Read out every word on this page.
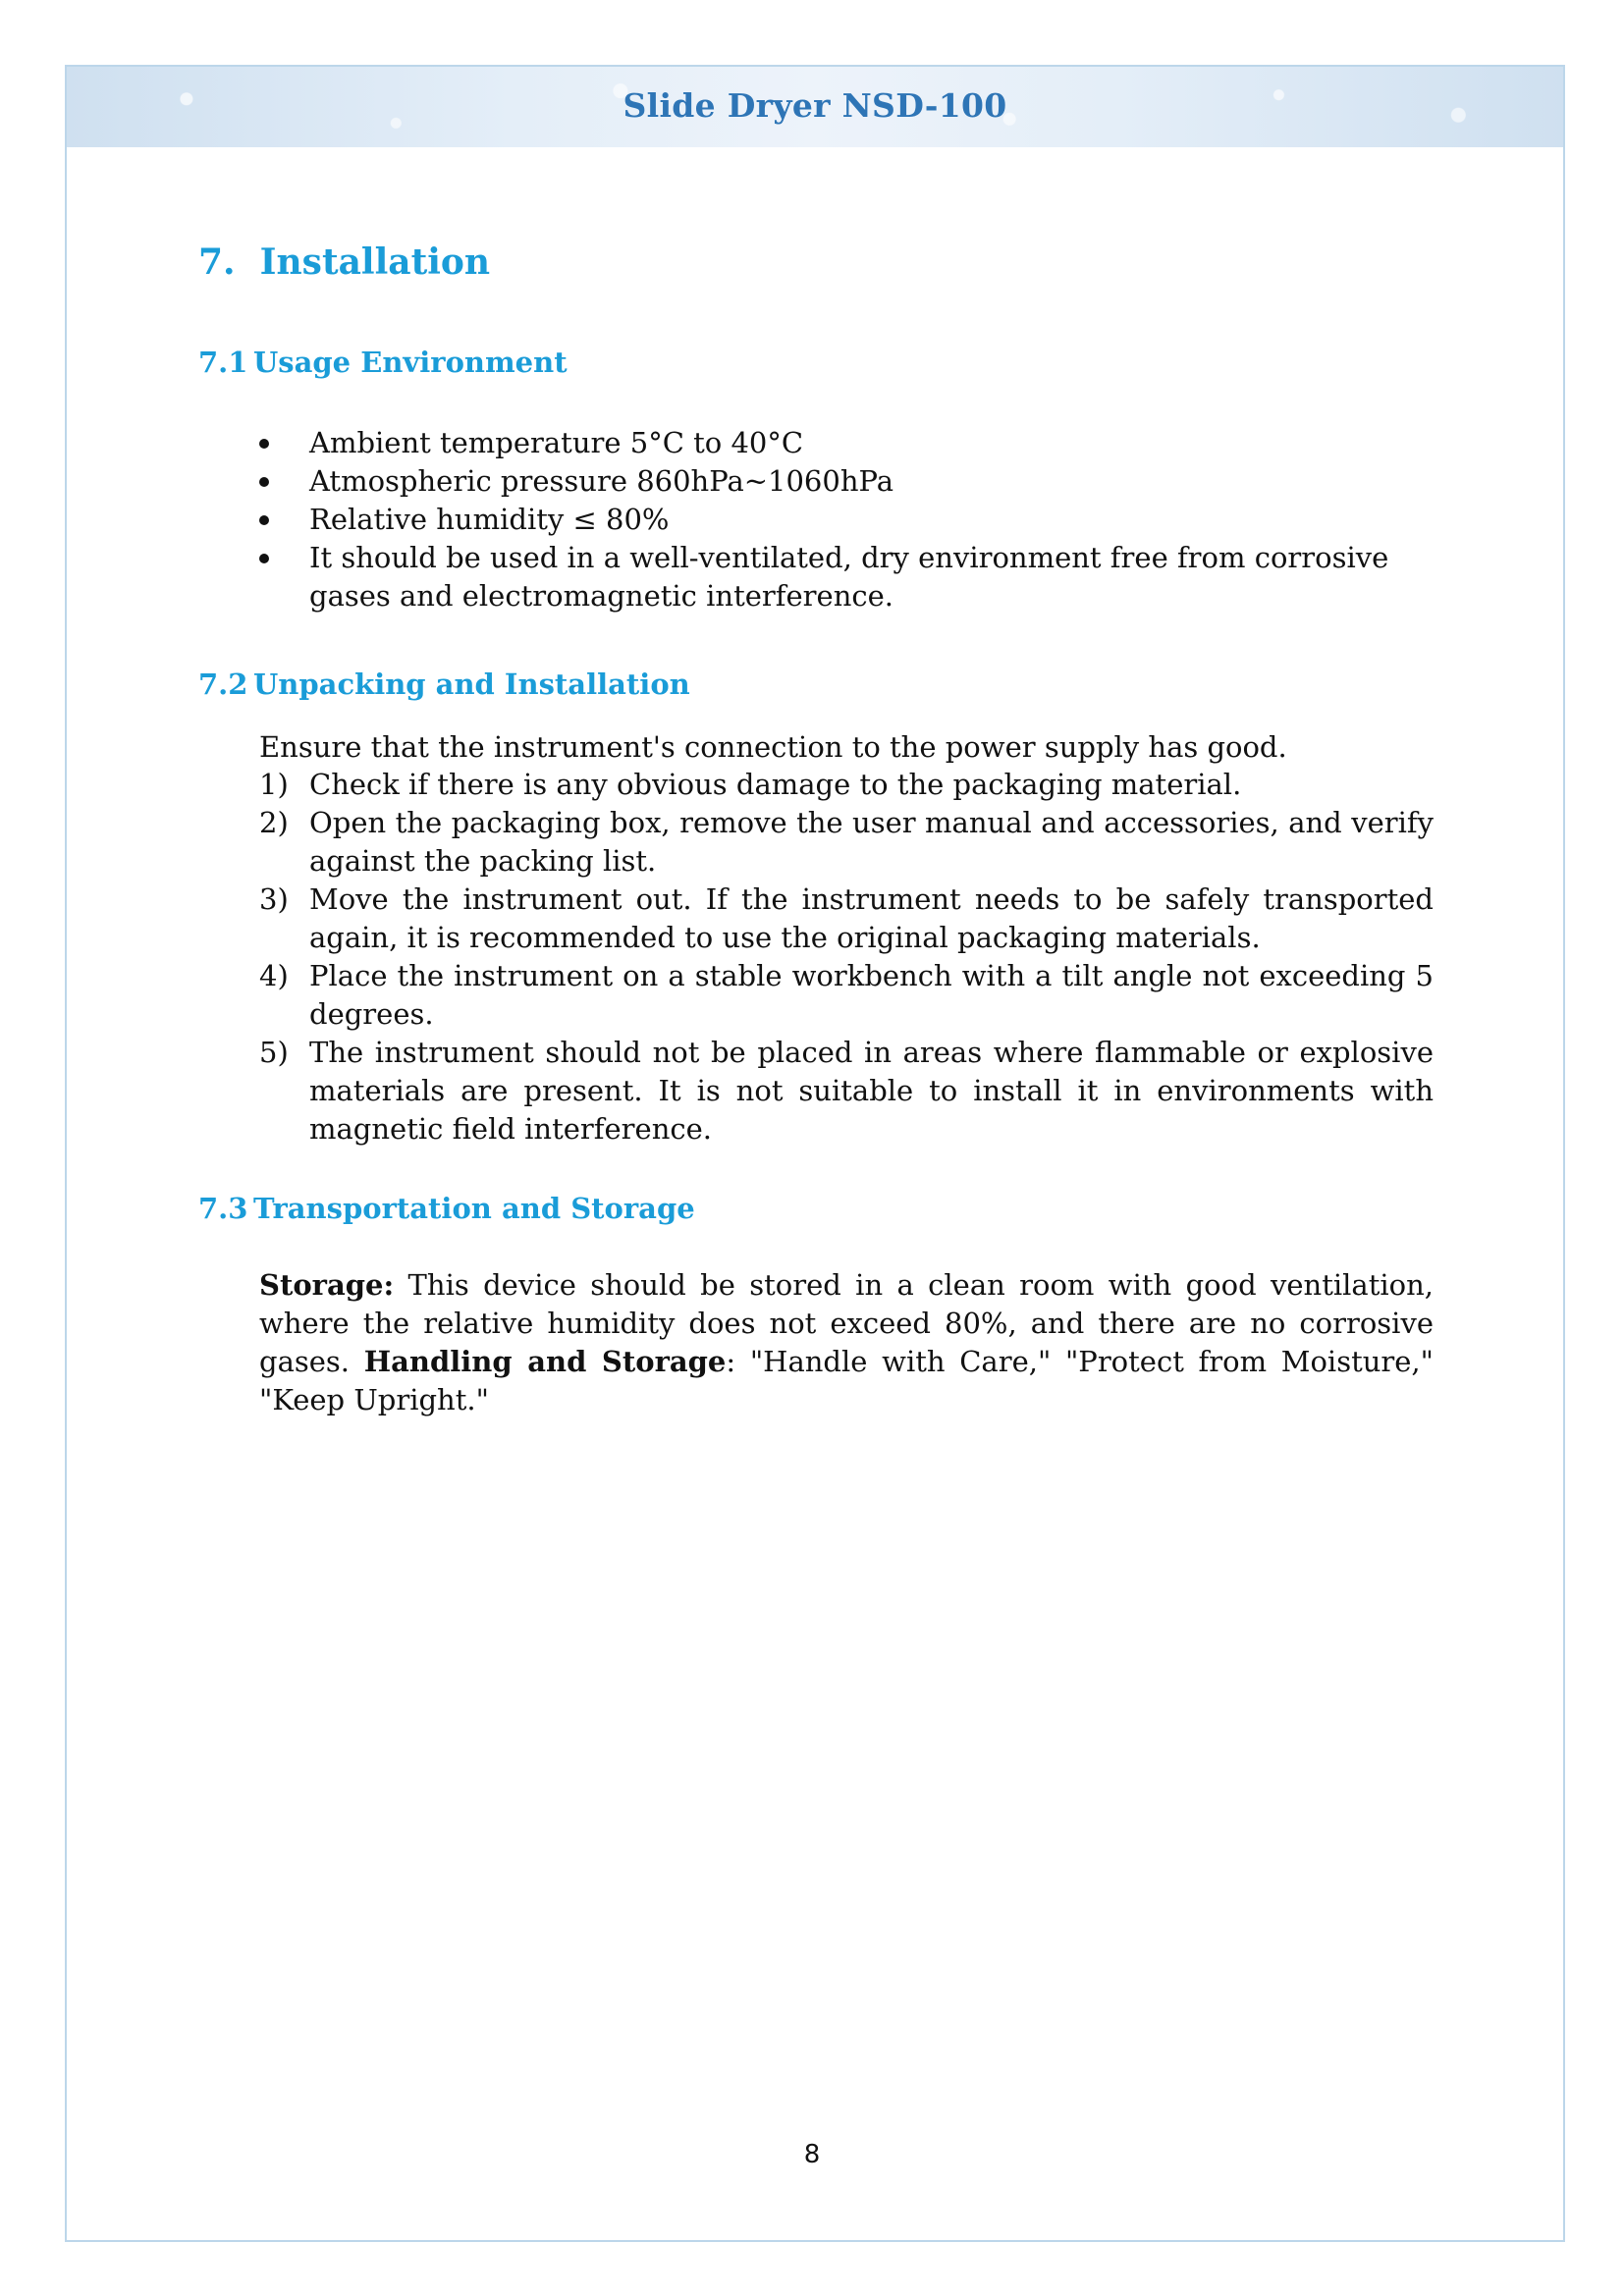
Slide Dryer NSD-100
7. Installation
7.1 Usage Environment
Ambient temperature 5°C to 40°C
Atmospheric pressure 860hPa~1060hPa
Relative humidity ≤ 80%
It should be used in a well-ventilated, dry environment free from corrosive gases and electromagnetic interference.
7.2 Unpacking and Installation
Ensure that the instrument's connection to the power supply has good.
1) Check if there is any obvious damage to the packaging material.
2) Open the packaging box, remove the user manual and accessories, and verify against the packing list.
3) Move the instrument out. If the instrument needs to be safely transported again, it is recommended to use the original packaging materials.
4) Place the instrument on a stable workbench with a tilt angle not exceeding 5 degrees.
5) The instrument should not be placed in areas where flammable or explosive materials are present. It is not suitable to install it in environments with magnetic field interference.
7.3 Transportation and Storage
Storage: This device should be stored in a clean room with good ventilation, where the relative humidity does not exceed 80%, and there are no corrosive gases. Handling and Storage: "Handle with Care," "Protect from Moisture," "Keep Upright."
8
